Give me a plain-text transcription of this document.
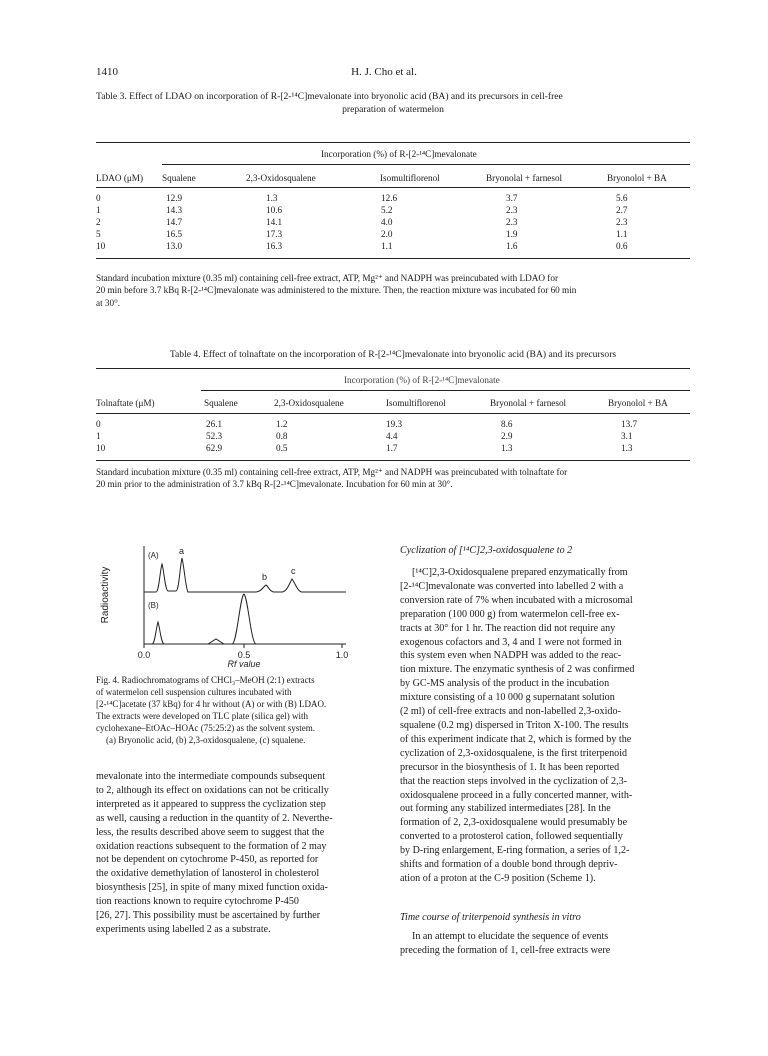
1410	H. J. Cho et al.
Table 3. Effect of LDAO on incorporation of R-[2-¹⁴C]mevalonate into bryonolic acid (BA) and its precursors in cell-free
preparation of watermelon
Incorporation (%) of R-[2-¹⁴C]mevalonate
LDAO (μM) Squalene	2,3-Oxidosqualene	Isomultiflorenol	Bryonolal + farnesol	Bryonolol + BA
0	12.9	1.3	12.6	3.7	5.6
1	14.3	10.6	5.2	2.3	2.7
2	14.7	14.1	4.0	2.3	2.3
5	16.5	17.3	2.0	1.9	1.1
10	13.0	16.3	1.1	1.6	0.6
Standard incubation mixture (0.35 ml) containing cell-free extract, ATP, Mg²⁺ and NADPH was preincubated with LDAO for
20 min before 3.7 kBq R-[2-¹⁴C]mevalonate was administered to the mixture. Then, the reaction mixture was incubated for 60 min
at 30°.
Table 4. Effect of tolnaftate on the incorporation of R-[2-¹⁴C]mevalonate into bryonolic acid (BA) and its precursors
Incorporation (%) of R-[2-¹⁴C]mevalonate
Tolnaftate (μM)	Squalene	2,3-Oxidosqualene	Isomultiflorenol	Bryonolal + farnesol	Bryonolol + BA
0	26.1	1.2	19.3	8.6	13.7
1	52.3	0.8	4.4	2.9	3.1
10	62.9	0.5	1.7	1.3	1.3
Standard incubation mixture (0.35 ml) containing cell-free extract, ATP, Mg²⁺ and NADPH was preincubated with tolnaftate for
20 min prior to the administration of 3.7 kBq R-[2-¹⁴C]mevalonate. Incubation for 60 min at 30°.
Radioactivity
(A)
(B)
a
b
c
0.0	0.5	1.0
Rf value
Fig. 4. Radiochromatograms of CHCl₃–MeOH (2:1) extracts
of watermelon cell suspension cultures incubated with
[2-¹⁴C]acetate (37 kBq) for 4 hr without (A) or with (B) LDAO.
The extracts were developed on TLC plate (silica gel) with
cyclohexane–EtOAc–HOAc (75:25:2) as the solvent system.
(a) Bryonolic acid, (b) 2,3-oxidosqualene, (c) squalene.
mevalonate into the intermediate compounds subsequent
to 2, although its effect on oxidations can not be critically
interpreted as it appeared to suppress the cyclization step
as well, causing a reduction in the quantity of 2. Neverthe-
less, the results described above seem to suggest that the
oxidation reactions subsequent to the formation of 2 may
not be dependent on cytochrome P-450, as reported for
the oxidative demethylation of lanosterol in cholesterol
biosynthesis [25], in spite of many mixed function oxida-
tion reactions known to require cytochrome P-450
[26, 27]. This possibility must be ascertained by further
experiments using labelled 2 as a substrate.
Cyclization of [¹⁴C]2,3-oxidosqualene to 2
[¹⁴C]2,3-Oxidosqualene prepared enzymatically from
[2-¹⁴C]mevalonate was converted into labelled 2 with a
conversion rate of 7% when incubated with a microsomal
preparation (100 000 g) from watermelon cell-free ex-
tracts at 30° for 1 hr. The reaction did not require any
exogenous cofactors and 3, 4 and 1 were not formed in
this system even when NADPH was added to the reac-
tion mixture. The enzymatic synthesis of 2 was confirmed
by GC-MS analysis of the product in the incubation
mixture consisting of a 10 000 g supernatant solution
(2 ml) of cell-free extracts and non-labelled 2,3-oxido-
squalene (0.2 mg) dispersed in Triton X-100. The results
of this experiment indicate that 2, which is formed by the
cyclization of 2,3-oxidosqualene, is the first triterpenoid
precursor in the biosynthesis of 1. It has been reported
that the reaction steps involved in the cyclization of 2,3-
oxidosqualene proceed in a fully concerted manner, with-
out forming any stabilized intermediates [28]. In the
formation of 2, 2,3-oxidosqualene would presumably be
converted to a protosterol cation, followed sequentially
by D-ring enlargement, E-ring formation, a series of 1,2-
shifts and formation of a double bond through depriv-
ation of a proton at the C-9 position (Scheme 1).
Time course of triterpenoid synthesis in vitro
In an attempt to elucidate the sequence of events
preceding the formation of 1, cell-free extracts were
